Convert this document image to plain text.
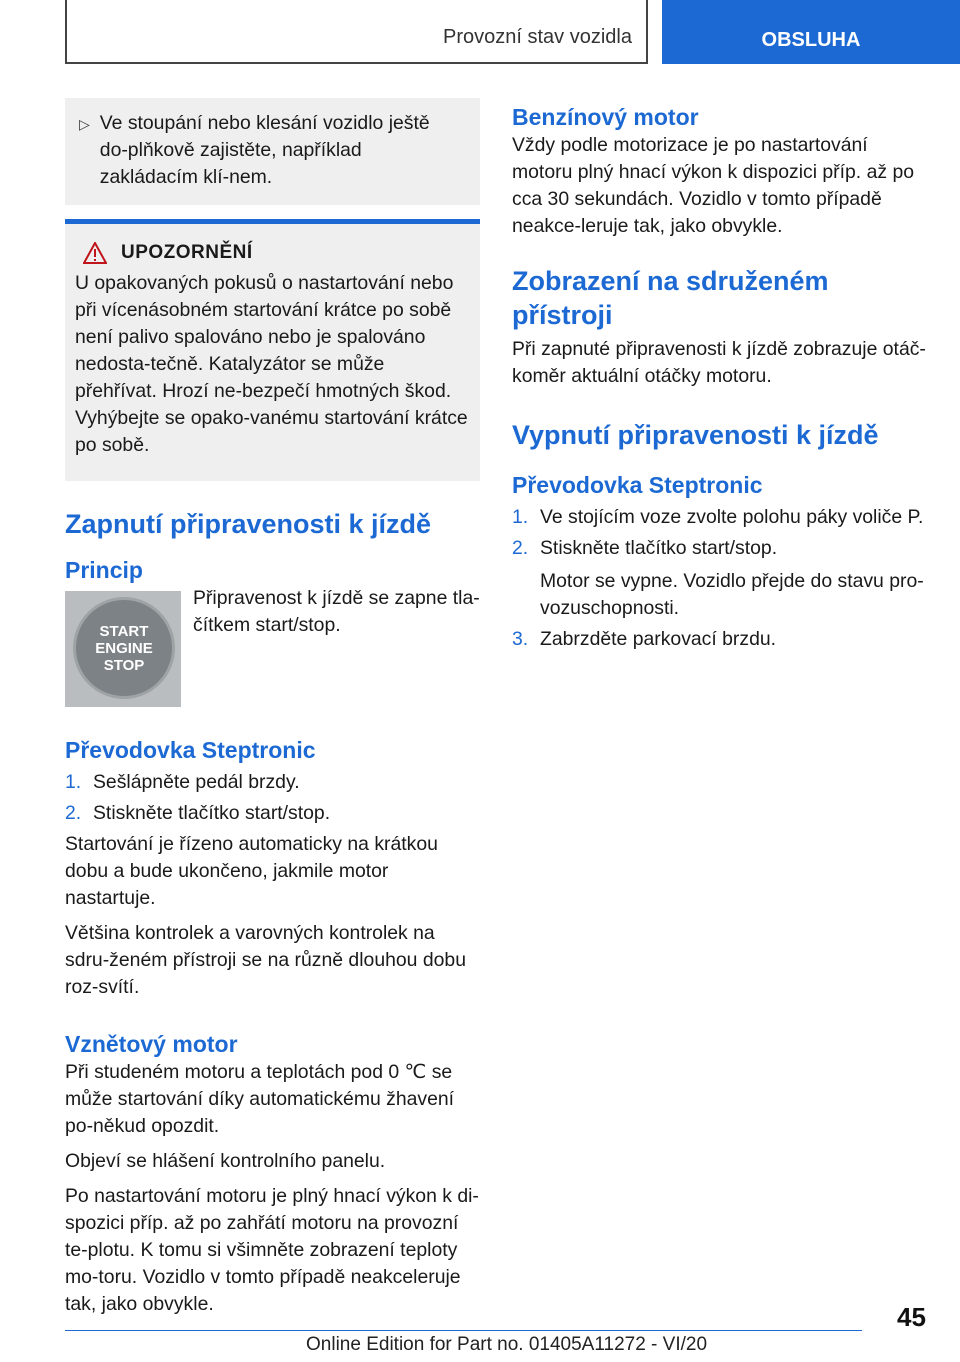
Provozní stav vozidla	OBSLUHA
▷ Ve stoupání nebo klesání vozidlo ještě do-plňkově zajistěte, například zakládacím klí-nem.

UPOZORNĚNÍ

U opakovaných pokusů o nastartování nebo při vícenásobném startování krátce po sobě není palivo spalováno nebo je spalováno nedosta-tečně. Katalyzátor se může přehřívat. Hrozí ne-bezpečí hmotných škod. Vyhýbejte se opako-vanému startování krátce po sobě.

Zapnutí připravenosti k jízdě
Princip
START
ENGINE
STOP

Připravenost k jízdě se zapne tla-čítkem start/stop.

Převodovka Steptronic
1. Sešlápněte pedál brzdy.
2. Stiskněte tlačítko start/stop.

Startování je řízeno automaticky na krátkou dobu a bude ukončeno, jakmile motor nastartuje.

Většina kontrolek a varovných kontrolek na sdru-ženém přístroji se na různě dlouhou dobu roz-svítí.

Vznětový motor

Při studeném motoru a teplotách pod 0 ℃ se může startování díky automatickému žhavení po-někud opozdit.

Objeví se hlášení kontrolního panelu.

Po nastartování motoru je plný hnací výkon k di-spozici příp. až po zahřátí motoru na provozní te-plotu. K tomu si všimněte zobrazení teploty mo-toru. Vozidlo v tomto případě neakceleruje tak, jako obvykle.

Benzínový motor

Vždy podle motorizace je po nastartování motoru plný hnací výkon k dispozici příp. až po cca 30 sekundách. Vozidlo v tomto případě neakce-leruje tak, jako obvykle.

Zobrazení na sdruženém přístroji

Při zapnuté připravenosti k jízdě zobrazuje otáč-koměr aktuální otáčky motoru.

Vypnutí připravenosti k jízdě
Převodovka Steptronic
1. Ve stojícím voze zvolte polohu páky voliče P.
2. Stiskněte tlačítko start/stop.
Motor se vypne. Vozidlo přejde do stavu pro-vozuschopnosti.
3. Zabrzděte parkovací brzdu.
45
Online Edition for Part no. 01405A11272 - VI/20
